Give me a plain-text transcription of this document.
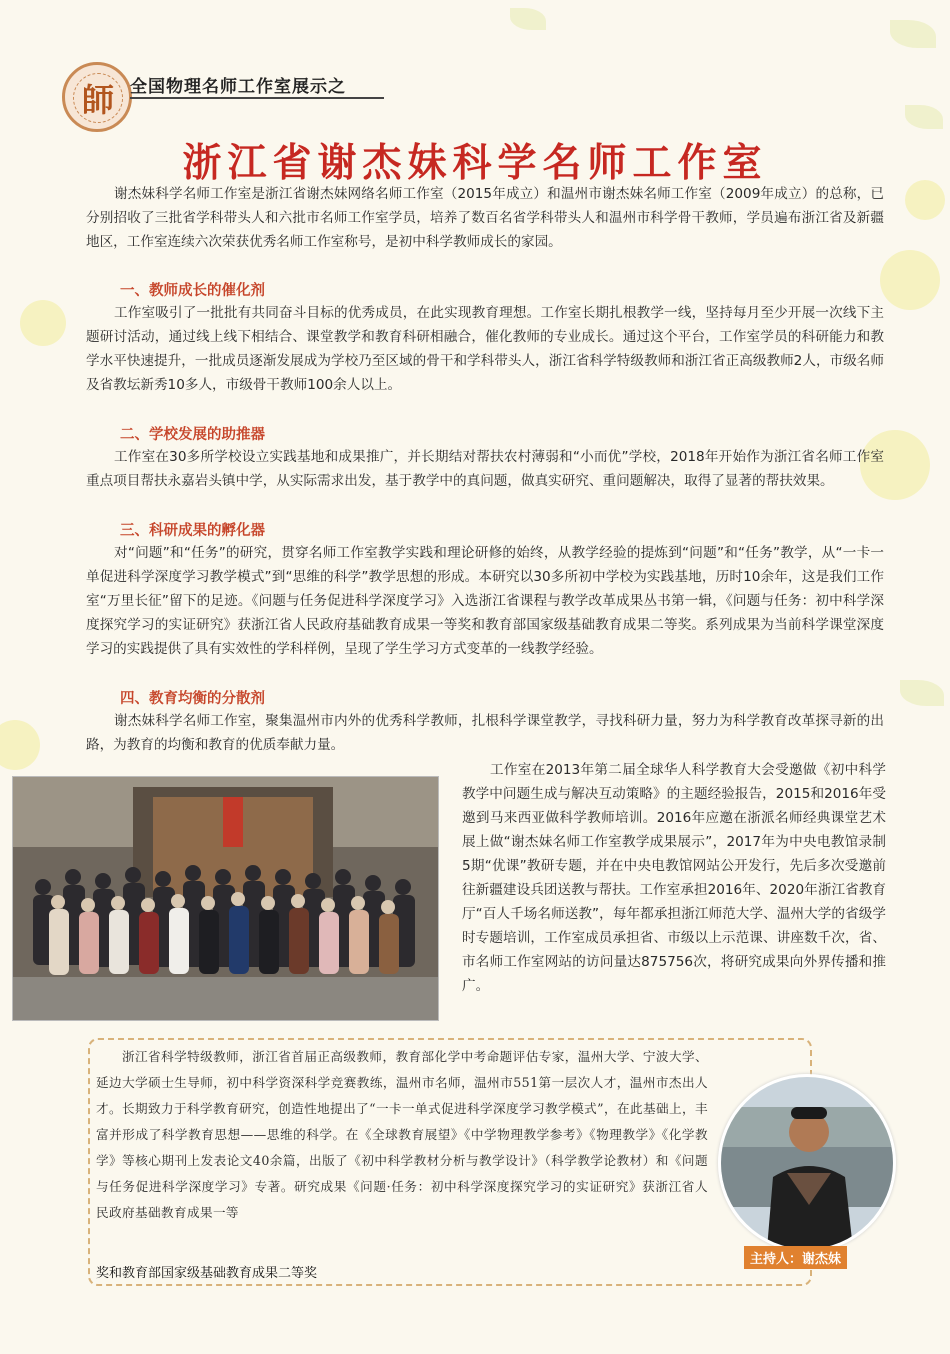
師 全国物理名师工作室展示之
浙江省谢杰妹科学名师工作室

谢杰妹科学名师工作室是浙江省谢杰妹网络名师工作室（2015年成立）和温州市谢杰妹名师工作室（2009年成立）的总称，已分别招收了三批省学科带头人和六批市名师工作室学员，培养了数百名省学科带头人和温州市科学骨干教师，学员遍布浙江省及新疆地区，工作室连续六次荣获优秀名师工作室称号，是初中科学教师成长的家园。

一、教师成长的催化剂

工作室吸引了一批批有共同奋斗目标的优秀成员，在此实现教育理想。工作室长期扎根教学一线，坚持每月至少开展一次线下主题研讨活动，通过线上线下相结合、课堂教学和教育科研相融合，催化教师的专业成长。通过这个平台，工作室学员的科研能力和教学水平快速提升，一批成员逐渐发展成为学校乃至区域的骨干和学科带头人，浙江省科学特级教师和浙江省正高级教师2人，市级名师及省教坛新秀10多人，市级骨干教师100余人以上。

二、学校发展的助推器

工作室在30多所学校设立实践基地和成果推广，并长期结对帮扶农村薄弱和“小而优”学校，2018年开始作为浙江省名师工作室重点项目帮扶永嘉岩头镇中学，从实际需求出发，基于教学中的真问题，做真实研究、重问题解决，取得了显著的帮扶效果。

三、科研成果的孵化器

对“问题”和“任务”的研究，贯穿名师工作室教学实践和理论研修的始终，从教学经验的提炼到“问题”和“任务”教学，从“一卡一单促进科学深度学习教学模式”到“思维的科学”教学思想的形成。本研究以30多所初中学校为实践基地，历时10余年，这是我们工作室“万里长征”留下的足迹。《问题与任务促进科学深度学习》入选浙江省课程与教学改革成果丛书第一辑，《问题与任务：初中科学深度探究学习的实证研究》获浙江省人民政府基础教育成果一等奖和教育部国家级基础教育成果二等奖。系列成果为当前科学课堂深度学习的实践提供了具有实效性的学科样例，呈现了学生学习方式变革的一线教学经验。

四、教育均衡的分散剂

谢杰妹科学名师工作室，聚集温州市内外的优秀科学教师，扎根科学课堂教学，寻找科研力量，努力为科学教育改革探寻新的出路，为教育的均衡和教育的优质奉献力量。

工作室在2013年第二届全球华人科学教育大会受邀做《初中科学教学中问题生成与解决互动策略》的主题经验报告，2015和2016年受邀到马来西亚做科学教师培训。2016年应邀在浙派名师经典课堂艺术展上做“谢杰妹名师工作室教学成果展示”，2017年为中央电教馆录制5期“优课”教研专题，并在中央电教馆网站公开发行，先后多次受邀前往新疆建设兵团送教与帮扶。工作室承担2016年、2020年浙江省教育厅“百人千场名师送教”，每年都承担浙江师范大学、温州大学的省级学时专题培训，工作室成员承担省、市级以上示范课、讲座数千次，省、市名师工作室网站的访问量达875756次，将研究成果向外界传播和推广。

浙江省科学特级教师，浙江省首届正高级教师，教育部化学中考命题评估专家，温州大学、宁波大学、延边大学硕士生导师，初中科学资深科学竞赛教练，温州市名师，温州市551第一层次人才，温州市杰出人才。长期致力于科学教育研究，创造性地提出了“一卡一单式促进科学深度学习教学模式”，在此基础上，丰富并形成了科学教育思想——思维的科学。在《全球教育展望》《中学物理教学参考》《物理教学》《化学教学》等核心期刊上发表论文40余篇，出版了《初中科学教材分析与教学设计》（科学教学论教材）和《问题与任务促进科学深度学习》专著。研究成果《问题·任务：初中科学深度探究学习的实证研究》获浙江省人民政府基础教育成果一等

奖和教育部国家级基础教育成果二等奖
主持人：谢杰妹
